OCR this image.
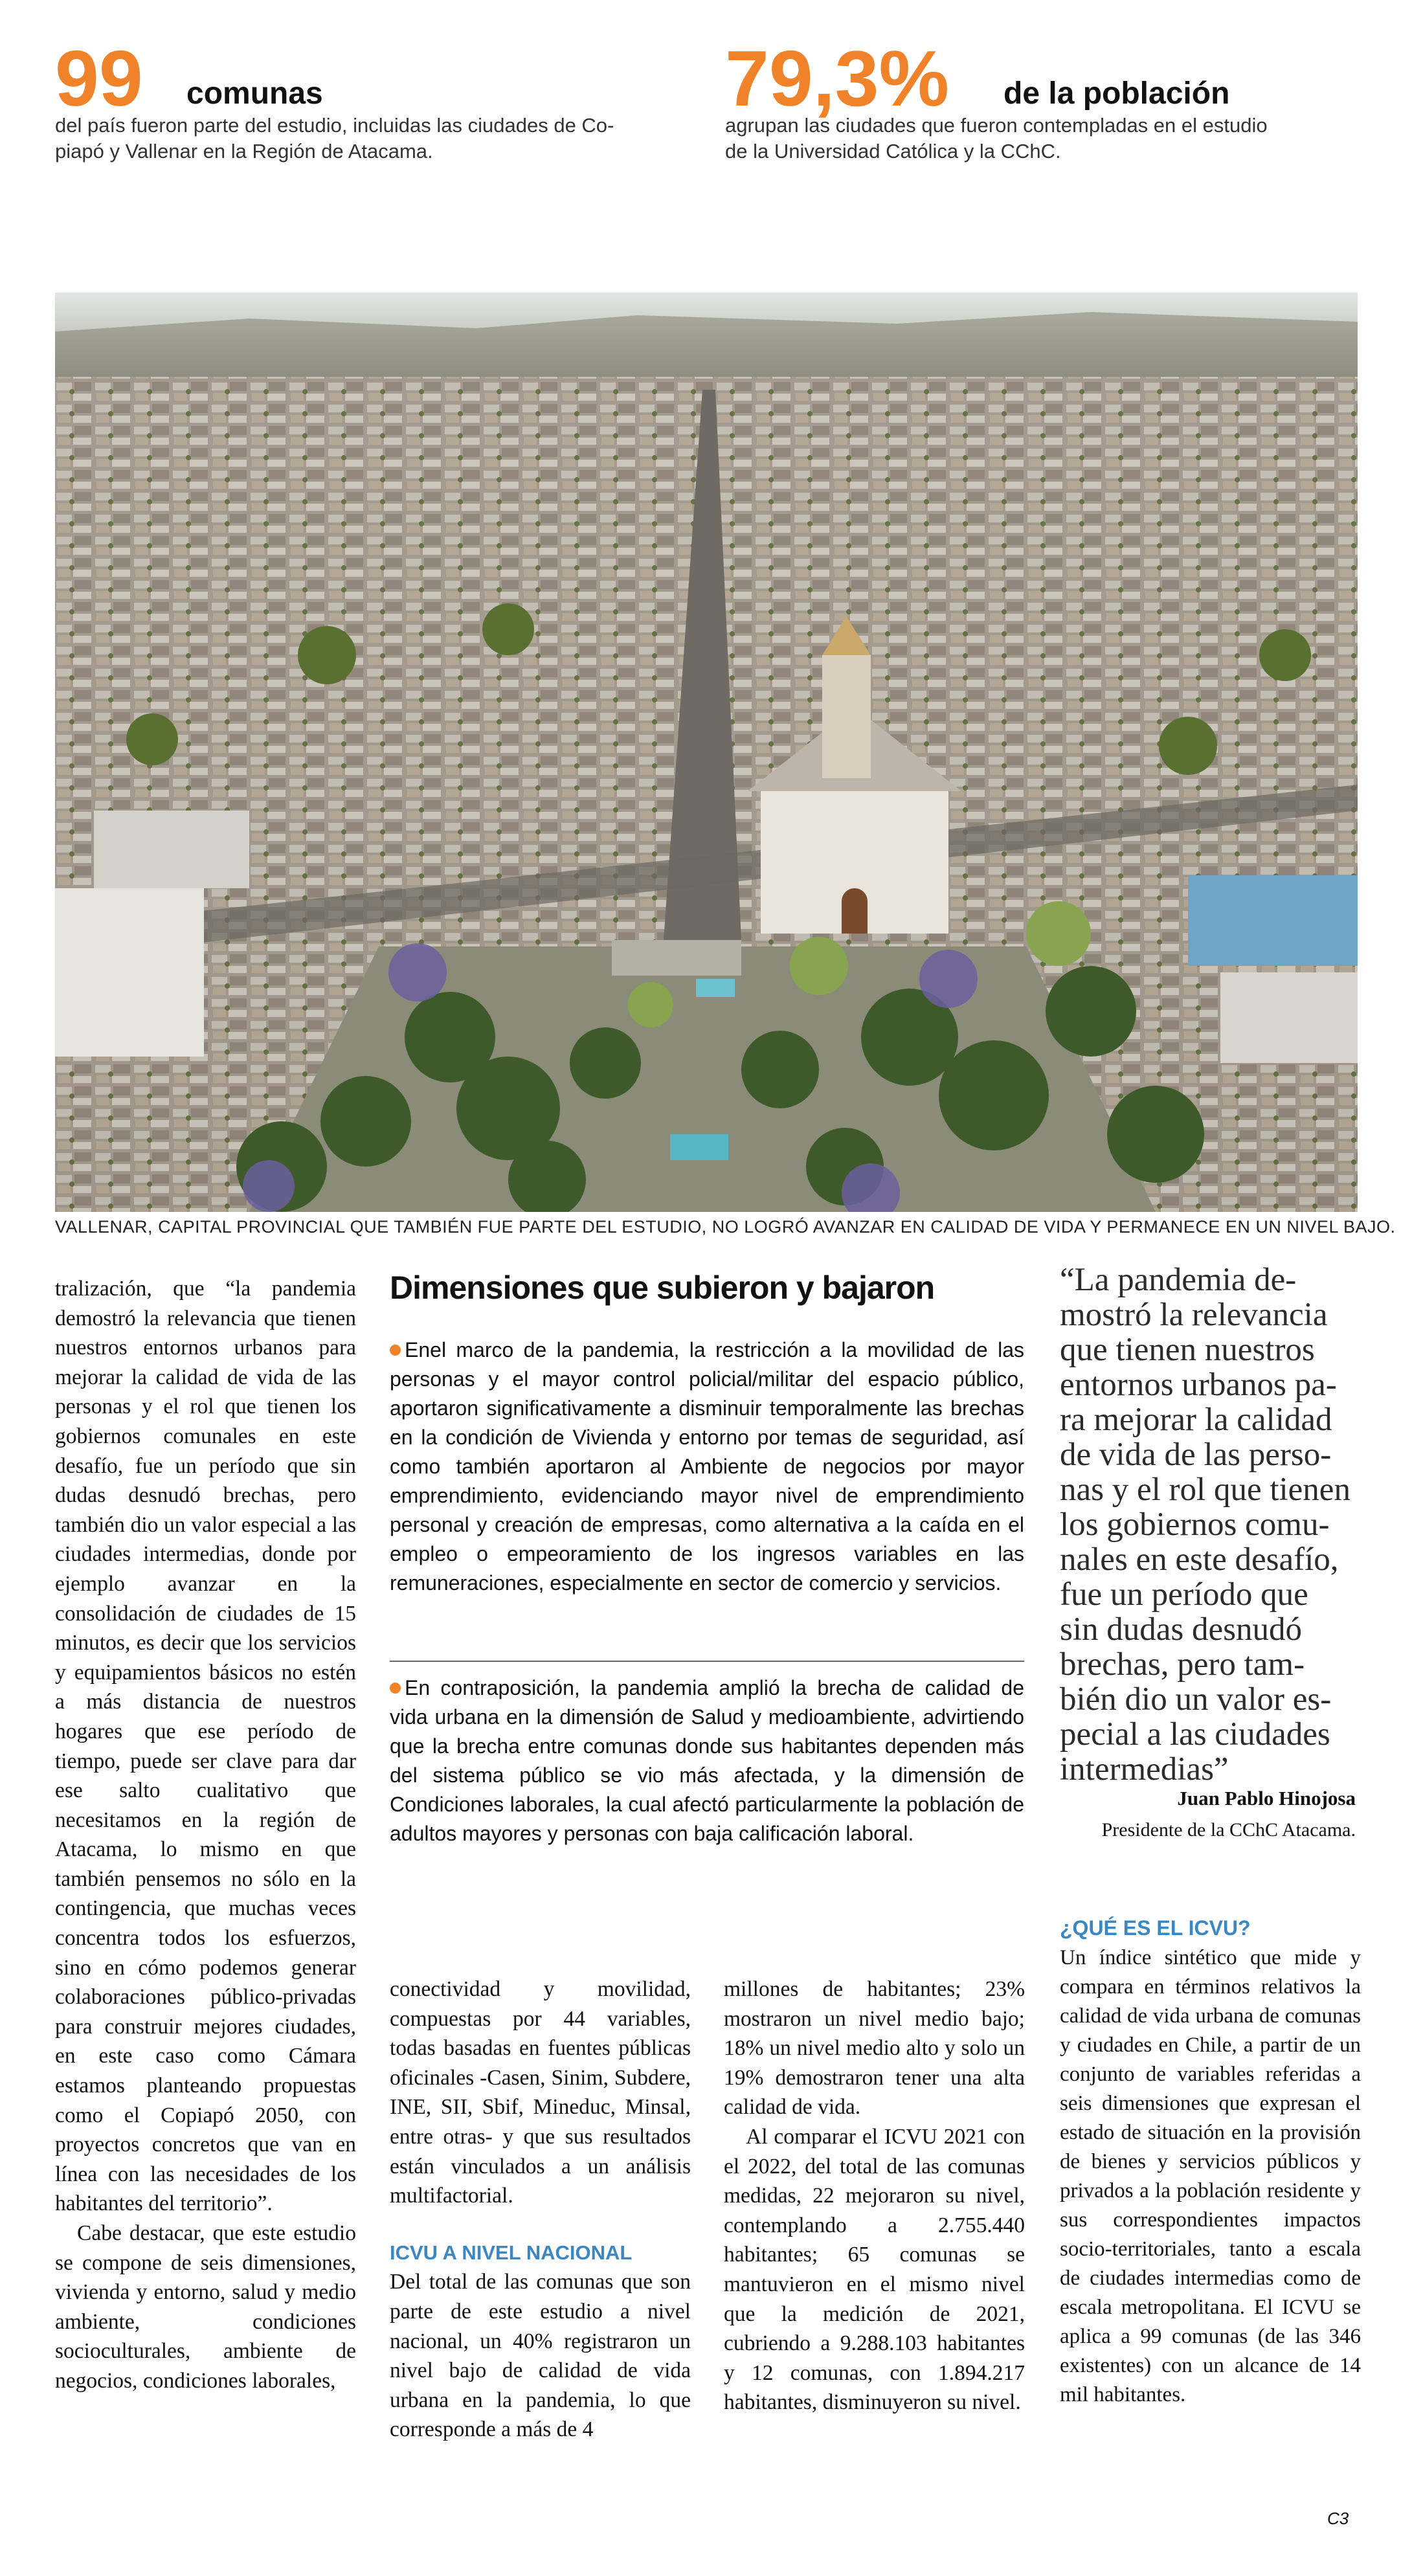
99 comunas
del país fueron parte del estudio, incluidas las ciudades de Co-
piapó y Vallenar en la Región de Atacama.
79,3% de la población
agrupan las ciudades que fueron contempladas en el estudio
de la Universidad Católica y la CChC.
VALLENAR, CAPITAL PROVINCIAL QUE TAMBIÉN FUE PARTE DEL ESTUDIO, NO LOGRÓ AVANZAR EN CALIDAD DE VIDA Y PERMANECE EN UN NIVEL BAJO.

tralización, que “la pandemia demostró la relevancia que tienen nuestros entornos urbanos para mejorar la calidad de vida de las personas y el rol que tienen los gobiernos comunales en este desafío, fue un período que sin dudas desnudó brechas, pero también dio un valor especial a las ciudades intermedias, donde por ejemplo avanzar en la consolidación de ciudades de 15 minutos, es decir que los servicios y equipamientos básicos no estén a más distancia de nuestros hogares que ese período de tiempo, puede ser clave para dar ese salto cualitativo que necesitamos en la región de Atacama, lo mismo en que también pensemos no sólo en la contingencia, que muchas veces concentra todos los esfuerzos, sino en cómo podemos generar colaboraciones público-privadas para construir mejores ciudades, en este caso como Cámara estamos planteando propuestas como el Copiapó 2050, con proyectos concretos que van en línea con las necesidades de los habitantes del territorio”.

Cabe destacar, que este estudio se compone de seis dimensiones, vivienda y entorno, salud y medio ambiente, condiciones socioculturales, ambiente de negocios, condiciones laborales,

Dimensiones que subieron y bajaron
Enel marco de la pandemia, la restricción a la movilidad de las personas y el mayor control policial/militar del espacio público, aportaron significativamente a disminuir temporalmente las brechas en la condición de Vivienda y entorno por temas de seguridad, así como también aportaron al Ambiente de negocios por mayor emprendimiento, evidenciando mayor nivel de emprendimiento personal y creación de empresas, como alternativa a la caída en el empleo o empeoramiento de los ingresos variables en las remuneraciones, especialmente en sector de comercio y servicios.
En contraposición, la pandemia amplió la brecha de calidad de vida urbana en la dimensión de Salud y medioambiente, advirtiendo que la brecha entre comunas donde sus habitantes dependen más del sistema público se vio más afectada, y la dimensión de Condiciones laborales, la cual afectó particularmente la población de adultos mayores y personas con baja calificación laboral.

conectividad y movilidad, compuestas por 44 variables, todas basadas en fuentes públicas oficinales -Casen, Sinim, Subdere, INE, SII, Sbif, Mineduc, Minsal, entre otras- y que sus resultados están vinculados a un análisis multifactorial.

ICVU A NIVEL NACIONAL

Del total de las comunas que son parte de este estudio a nivel nacional, un 40% registraron un nivel bajo de calidad de vida urbana en la pandemia, lo que corresponde a más de 4

millones de habitantes; 23% mostraron un nivel medio bajo; 18% un nivel medio alto y solo un 19% demostraron tener una alta calidad de vida.

Al comparar el ICVU 2021 con el 2022, del total de las comunas medidas, 22 mejoraron su nivel, contemplando a 2.755.440 habitantes; 65 comunas se mantuvieron en el mismo nivel que la medición de 2021, cubriendo a 9.288.103 habitantes y 12 comunas, con 1.894.217 habitantes, disminuyeron su nivel.

“La pandemia de-
mostró la relevancia
que tienen nuestros
entornos urbanos pa-
ra mejorar la calidad
de vida de las perso-
nas y el rol que tienen
los gobiernos comu-
nales en este desafío,
fue un período que
sin dudas desnudó
brechas, pero tam-
bién dio un valor es-
pecial a las ciudades
intermedias”
Juan Pablo Hinojosa
Presidente de la CChC Atacama.
¿QUÉ ES EL ICVU?

Un índice sintético que mide y compara en términos relativos la calidad de vida urbana de comunas y ciudades en Chile, a partir de un conjunto de variables referidas a seis dimensiones que expresan el estado de situación en la provisión de bienes y servicios públicos y privados a la población residente y sus correspondientes impactos socio-territoriales, tanto a escala de ciudades intermedias como de escala metropolitana. El ICVU se aplica a 99 comunas (de las 346 existentes) con un alcance de 14 mil habitantes.

C3
